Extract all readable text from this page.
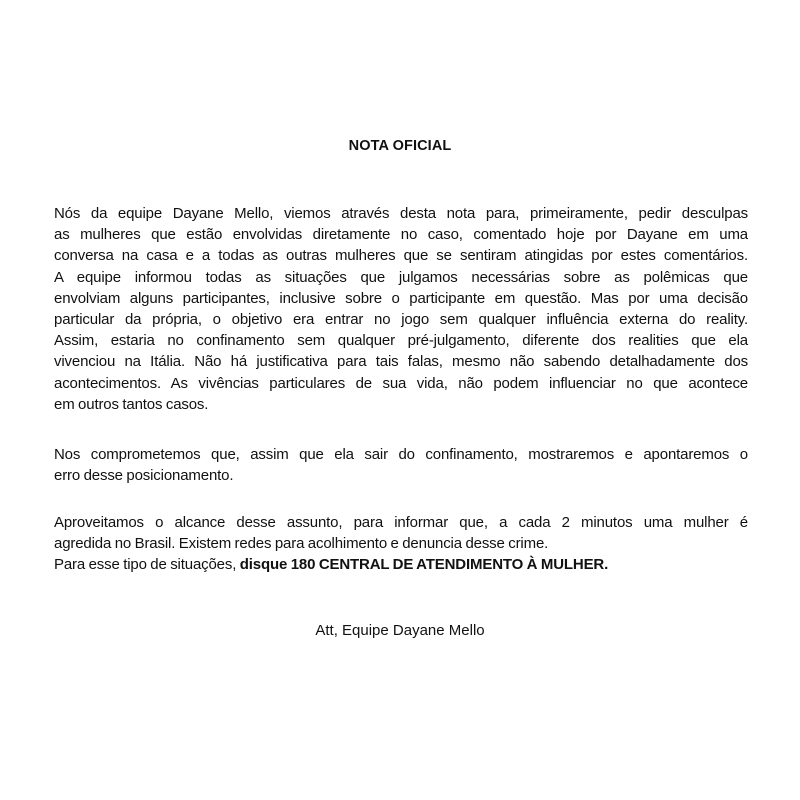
NOTA OFICIAL
Nós da equipe Dayane Mello, viemos através desta nota para, primeiramente, pedir desculpas
as mulheres que estão envolvidas diretamente no caso, comentado hoje por Dayane em uma
conversa na casa e a todas as outras mulheres que se sentiram atingidas por estes comentários.
A equipe informou todas as situações que julgamos necessárias sobre as polêmicas que
envolviam alguns participantes, inclusive sobre o participante em questão. Mas por uma decisão
particular da própria, o objetivo era entrar no jogo sem qualquer influência externa do reality.
Assim, estaria no confinamento sem qualquer pré-julgamento, diferente dos realities que ela
vivenciou na Itália. Não há justificativa para tais falas, mesmo não sabendo detalhadamente dos
acontecimentos. As vivências particulares de sua vida, não podem influenciar no que acontece
em outros tantos casos.
Nos comprometemos que, assim que ela sair do confinamento, mostraremos e apontaremos o
erro desse posicionamento.
Aproveitamos o alcance desse assunto, para informar que, a cada 2 minutos uma mulher é
agredida no Brasil. Existem redes para acolhimento e denuncia desse crime.
Para esse tipo de situações, disque 180 CENTRAL DE ATENDIMENTO À MULHER.
Att, Equipe Dayane Mello
